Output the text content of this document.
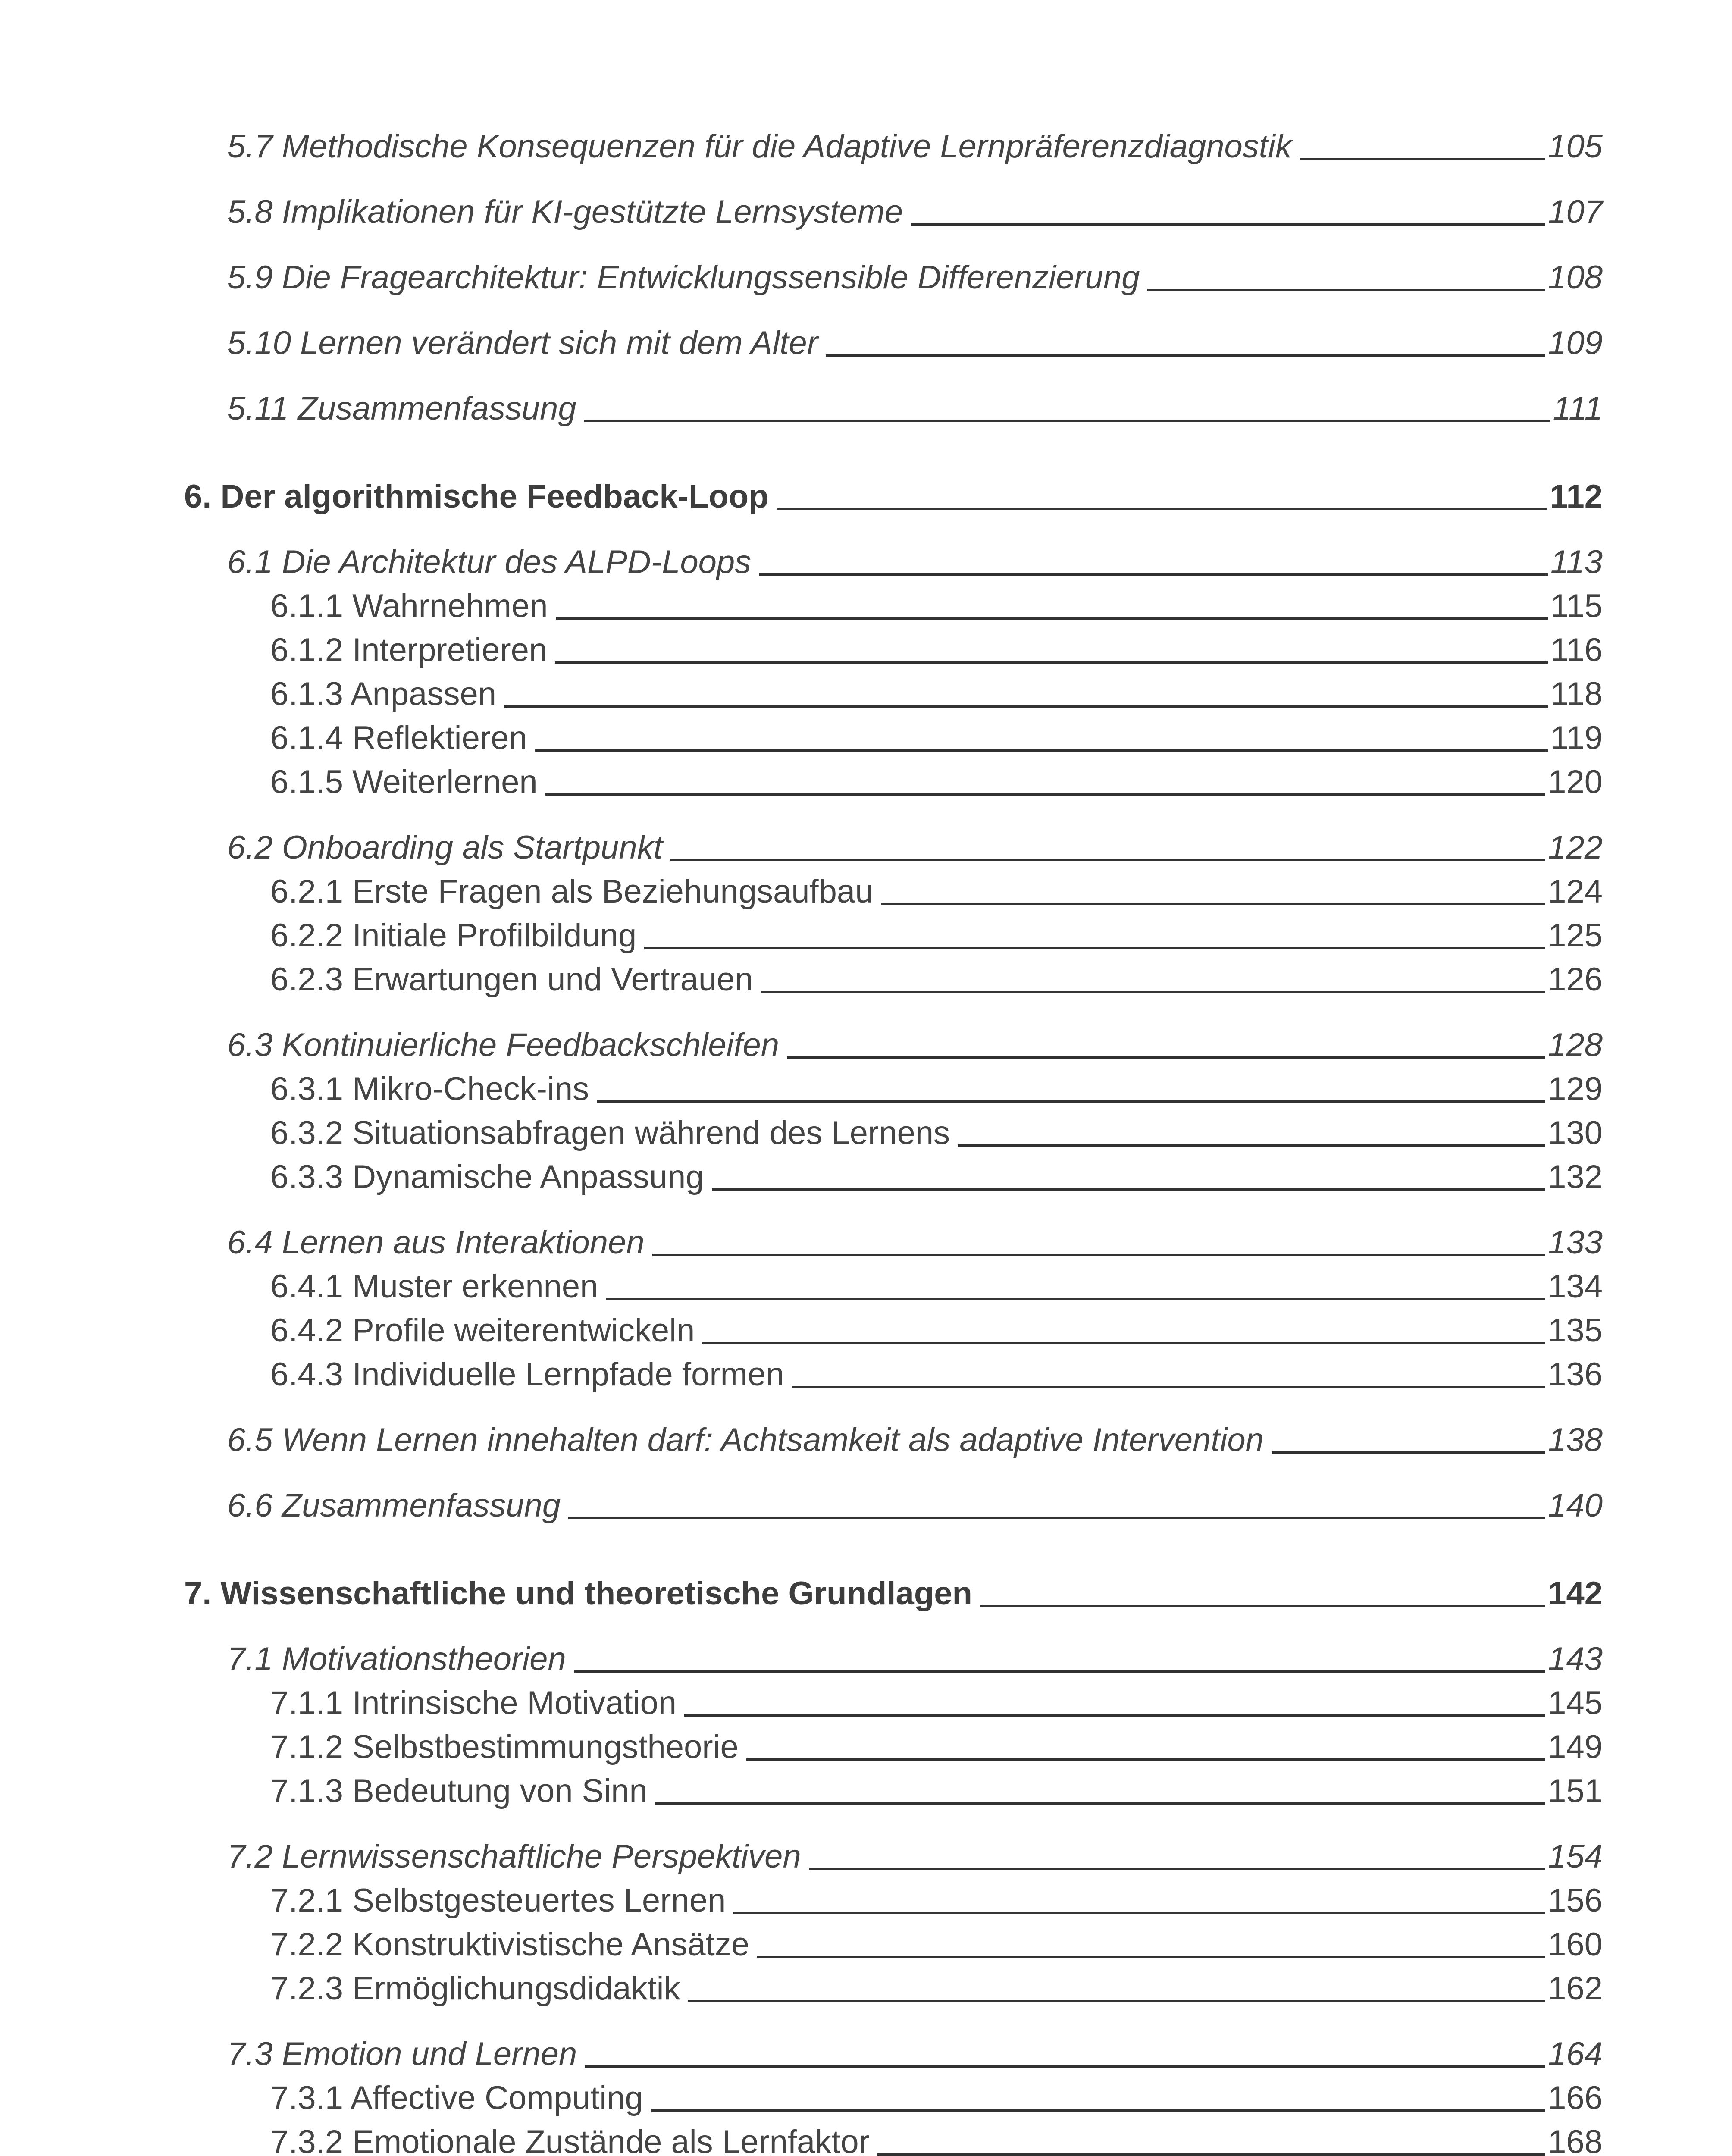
5.7 Methodische Konsequenzen für die Adaptive Lernpräferenzdiagnostik	105
5.8 Implikationen für KI-gestützte Lernsysteme	107
5.9 Die Fragearchitektur: Entwicklungssensible Differenzierung	108
5.10 Lernen verändert sich mit dem Alter	109
5.11 Zusammenfassung	111
6. Der algorithmische Feedback-Loop	112
6.1 Die Architektur des ALPD-Loops	113
6.1.1 Wahrnehmen	115
6.1.2 Interpretieren	116
6.1.3 Anpassen	118
6.1.4 Reflektieren	119
6.1.5 Weiterlernen	120
6.2 Onboarding als Startpunkt	122
6.2.1 Erste Fragen als Beziehungsaufbau	124
6.2.2 Initiale Profilbildung	125
6.2.3 Erwartungen und Vertrauen	126
6.3 Kontinuierliche Feedbackschleifen	128
6.3.1 Mikro-Check-ins	129
6.3.2 Situationsabfragen während des Lernens	130
6.3.3 Dynamische Anpassung	132
6.4 Lernen aus Interaktionen	133
6.4.1 Muster erkennen	134
6.4.2 Profile weiterentwickeln	135
6.4.3 Individuelle Lernpfade formen	136
6.5 Wenn Lernen innehalten darf: Achtsamkeit als adaptive Intervention	138
6.6 Zusammenfassung	140
7. Wissenschaftliche und theoretische Grundlagen	142
7.1 Motivationstheorien	143
7.1.1 Intrinsische Motivation	145
7.1.2 Selbstbestimmungstheorie	149
7.1.3 Bedeutung von Sinn	151
7.2 Lernwissenschaftliche Perspektiven	154
7.2.1 Selbstgesteuertes Lernen	156
7.2.2 Konstruktivistische Ansätze	160
7.2.3 Ermöglichungsdidaktik	162
7.3 Emotion und Lernen	164
7.3.1 Affective Computing	166
7.3.2 Emotionale Zustände als Lernfaktor	168
